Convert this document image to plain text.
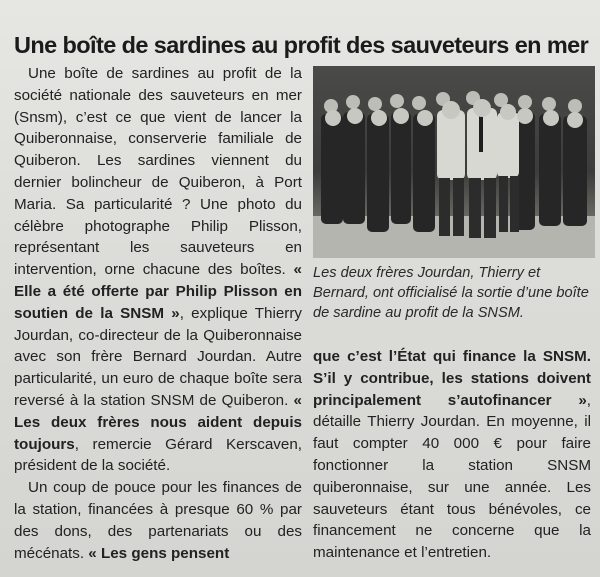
Une boîte de sardines au profit des sauveteurs en mer

Une boîte de sardines au profit de la société nationale des sauveteurs en mer (Snsm), c’est ce que vient de lancer la Quiberonnaise, conserverie familiale de Quiberon. Les sardines viennent du dernier bolincheur de Quiberon, à Port Maria. Sa particularité ? Une photo du célèbre photographe Philip Plisson, représentant les sauveteurs en intervention, orne chacune des boîtes. « Elle a été offerte par Philip Plisson en soutien de la SNSM », explique Thierry Jourdan, co-directeur de la Quiberonnaise avec son frère Bernard Jourdan. Autre particularité, un euro de chaque boîte sera reversé à la station SNSM de Quiberon. « Les deux frères nous aident depuis toujours, remercie Gérard Kerscaven, président de la société.

Un coup de pouce pour les finances de la station, financées à presque 60 % par des dons, des partenariats ou des mécénats. « Les gens pensent

Les deux frères Jourdan, Thierry et Bernard, ont officialisé la sortie d’une boîte de sardine au profit de la SNSM.

que c’est l’État qui finance la SNSM. S’il y contribue, les stations doivent principalement s’autofinancer », détaille Thierry Jourdan. En moyenne, il faut compter 40 000 € pour faire fonctionner la station SNSM quiberonnaise, sur une année. Les sauveteurs étant tous bénévoles, ce financement ne concerne que la maintenance et l’entretien.
